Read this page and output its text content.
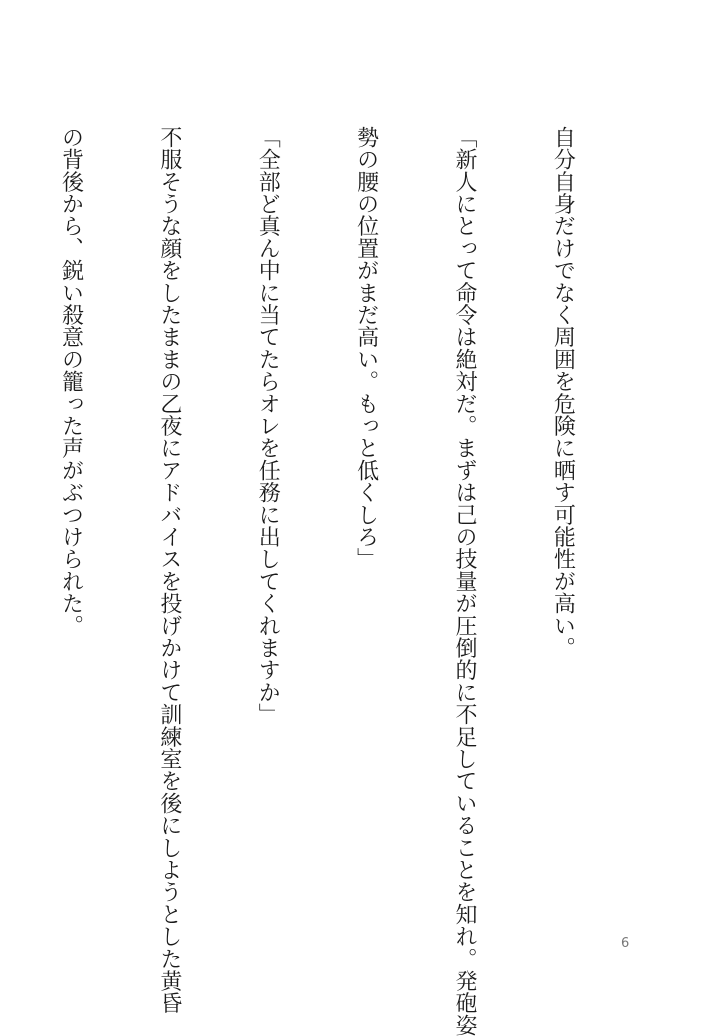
自分自身だけでなく周囲を危険に晒す可能性が高い。

「新人にとって命令は絶対だ。まずは己の技量が圧倒的に不足していることを知れ。発砲姿

勢の腰の位置がまだ高い。もっと低くしろ」

「全部ど真ん中に当てたらオレを任務に出してくれますか」

不服そうな顔をしたままの乙夜にアドバイスを投げかけて訓練室を後にしようとした黄昏

の背後から、鋭い殺意の籠った声がぶつけられた。

6
